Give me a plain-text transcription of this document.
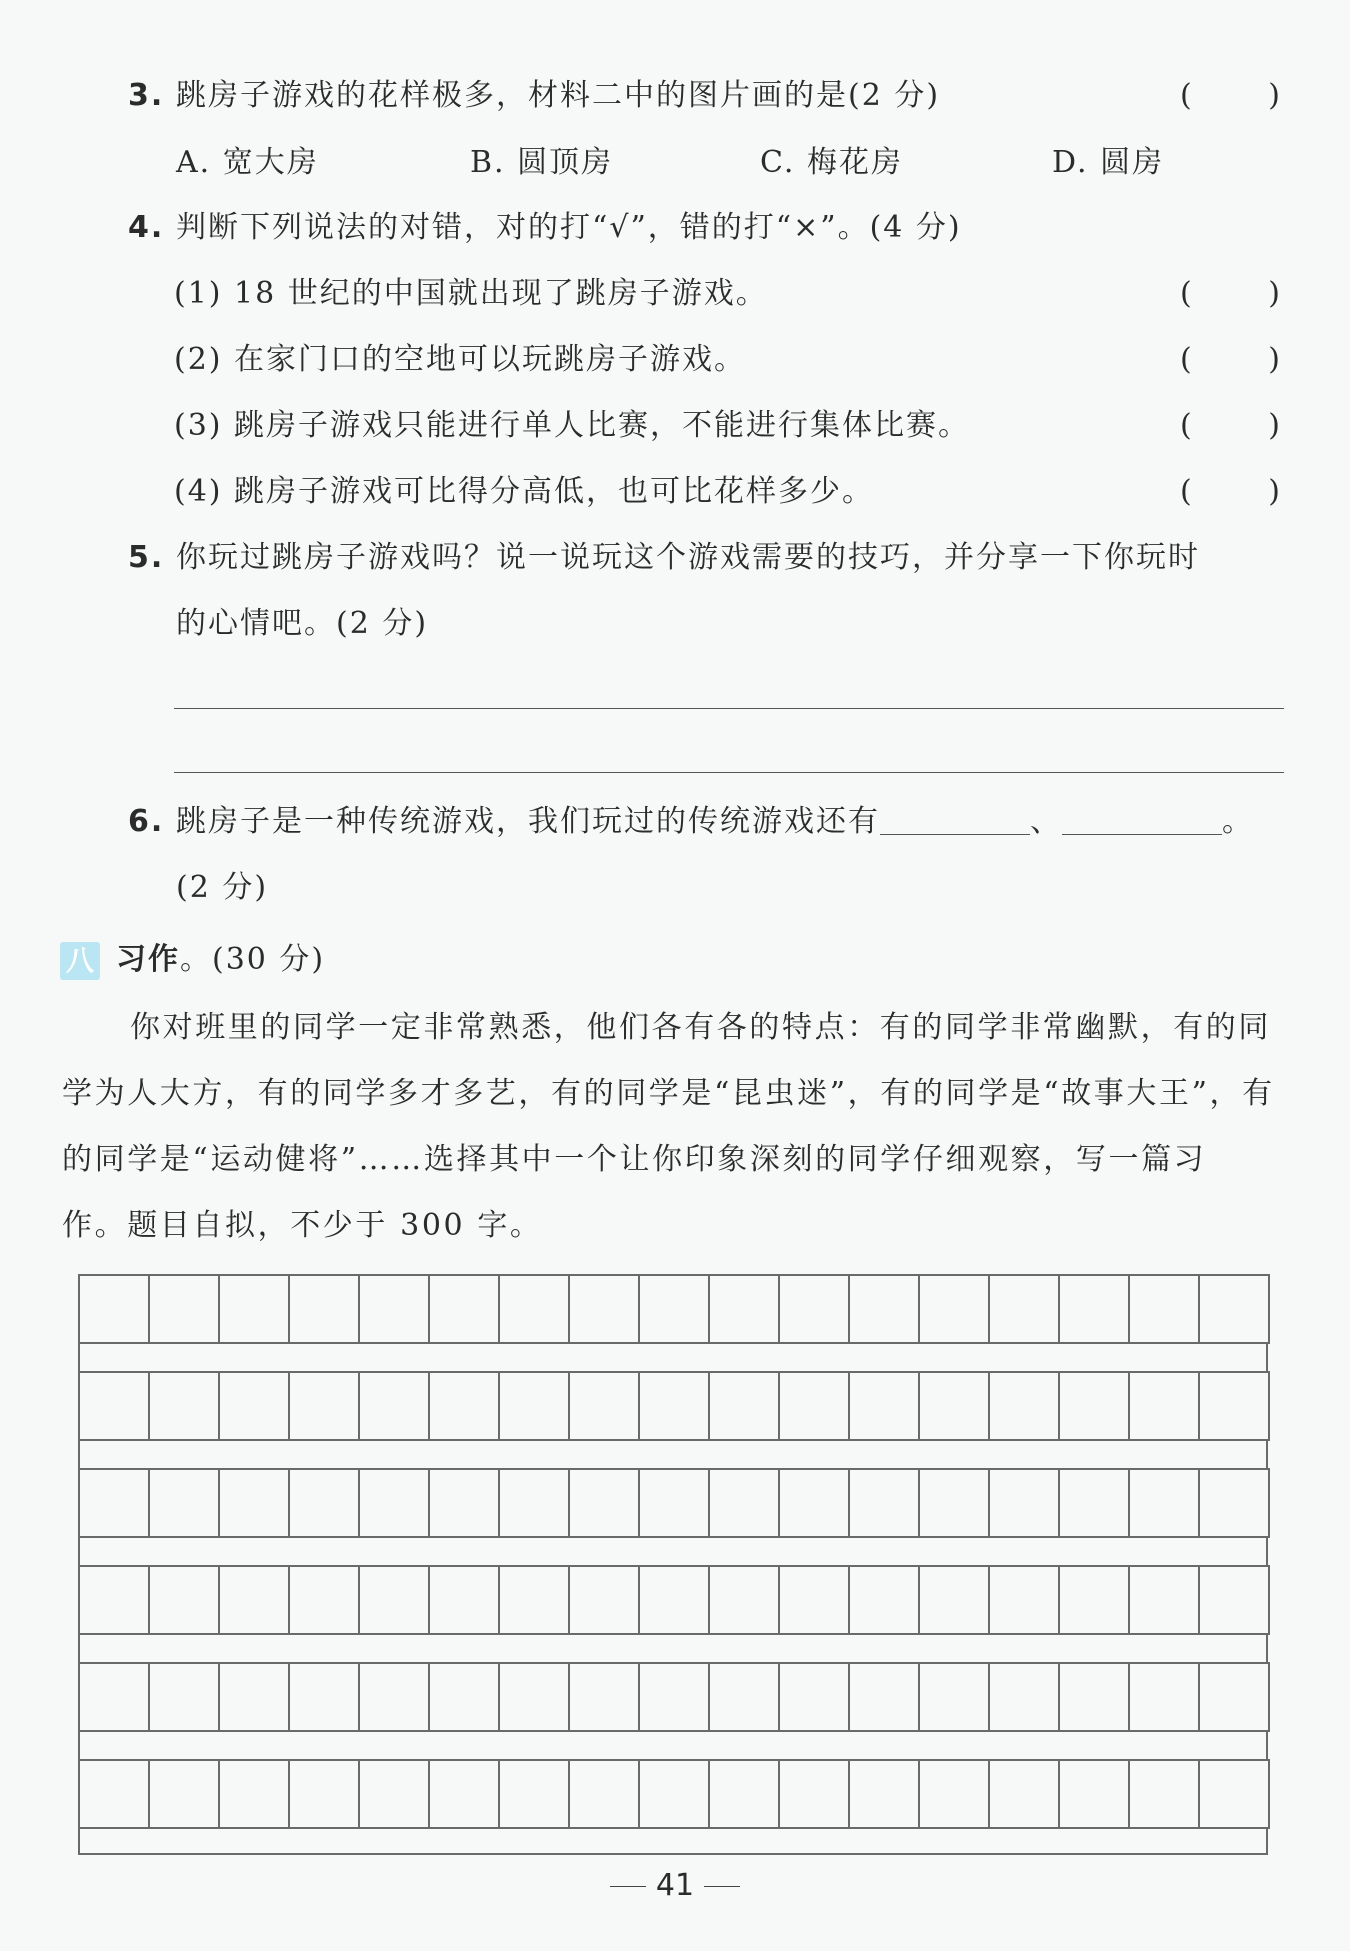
3. 跳房子游戏的花样极多，材料二中的图片画的是(2 分)	(	)
A. 宽大房	B. 圆顶房	C. 梅花房	D. 圆房
4. 判断下列说法的对错，对的打“√”，错的打“×”。(4 分)
(1) 18 世纪的中国就出现了跳房子游戏。	(	)
(2) 在家门口的空地可以玩跳房子游戏。	(	)
(3) 跳房子游戏只能进行单人比赛，不能进行集体比赛。	(	)
(4) 跳房子游戏可比得分高低，也可比花样多少。	(	)
5. 你玩过跳房子游戏吗？说一说玩这个游戏需要的技巧，并分享一下你玩时
的心情吧。(2 分)
6. 跳房子是一种传统游戏，我们玩过的传统游戏还有	、	。
(2 分)
八 习作。(30 分)
你对班里的同学一定非常熟悉，他们各有各的特点：有的同学非常幽默，有的同
学为人大方，有的同学多才多艺，有的同学是“昆虫迷”，有的同学是“故事大王”，有
的同学是“运动健将”……选择其中一个让你印象深刻的同学仔细观察，写一篇习
作。题目自拟，不少于 300 字。
41
